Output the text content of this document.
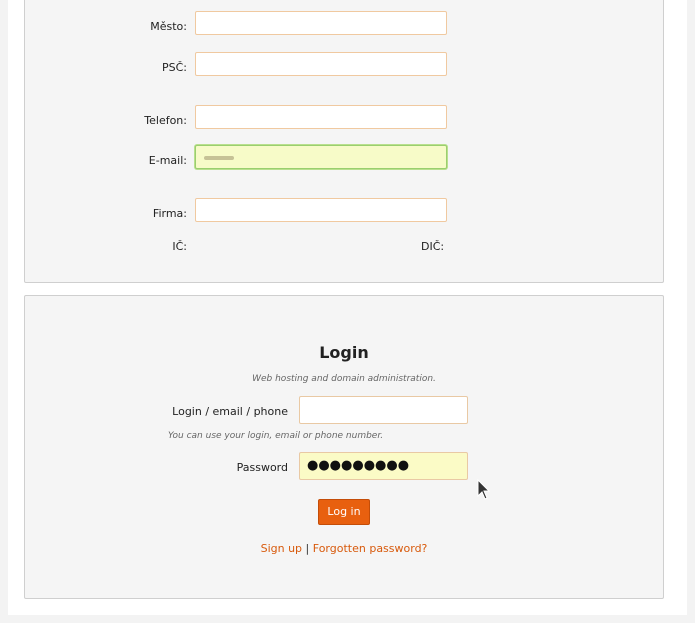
Město:
PSČ:
Telefon:
E-mail:
Firma:
IČ:	DIČ:
Login
Web hosting and domain administration.
Login / email / phone
You can use your login, email or phone number.
Password ●●●●●●●●●
Log in
Sign up | Forgotten password?
